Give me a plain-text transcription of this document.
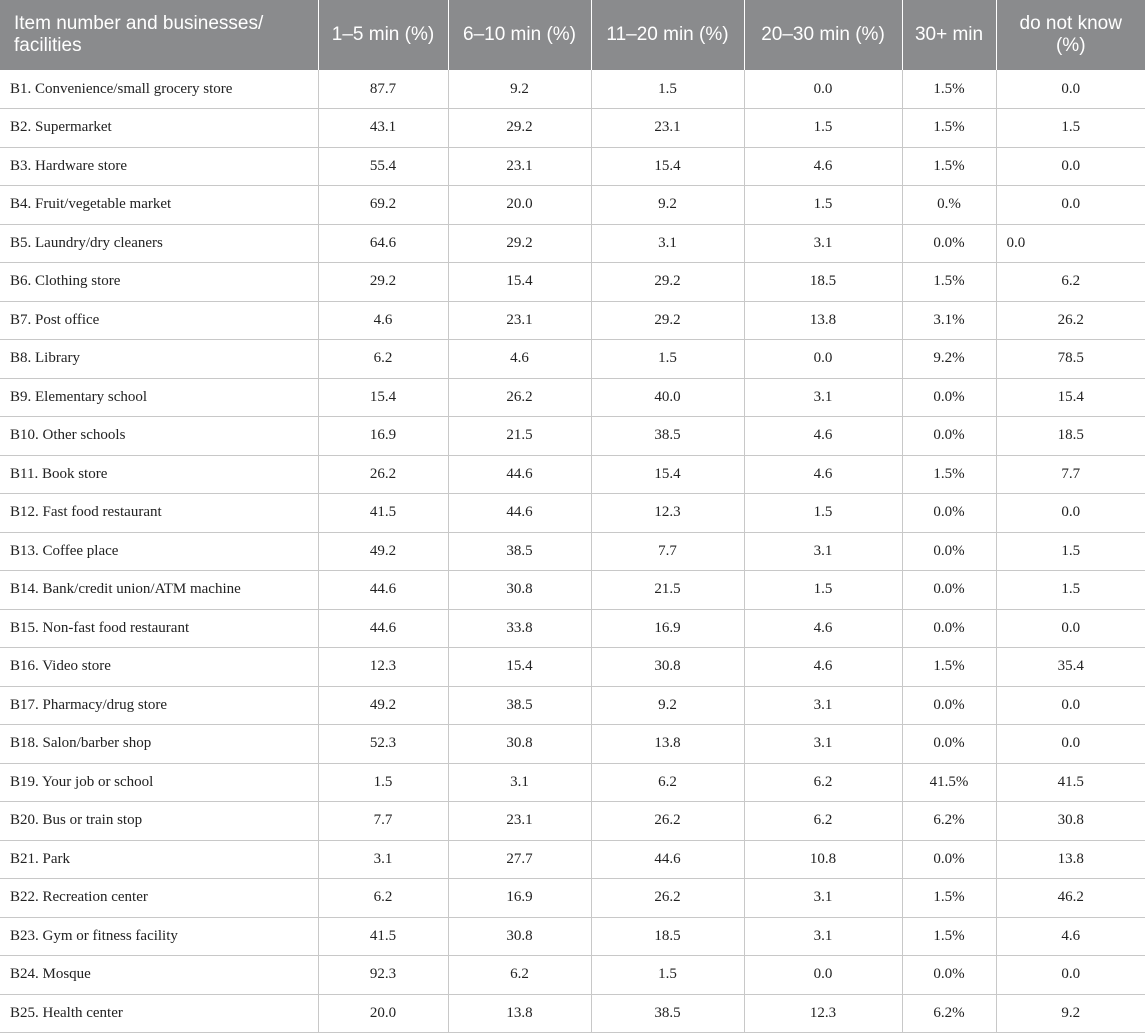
Item number and businesses/ facilities	1–5 min (%)	6–10 min (%)	11–20 min (%)	20–30 min (%)	30+ min	do not know (%)
B1. Convenience/small grocery store	87.7	9.2	1.5	0.0	1.5%	0.0
B2. Supermarket	43.1	29.2	23.1	1.5	1.5%	1.5
B3. Hardware store	55.4	23.1	15.4	4.6	1.5%	0.0
B4. Fruit/vegetable market	69.2	20.0	9.2	1.5	0.%	0.0
B5. Laundry/dry cleaners	64.6	29.2	3.1	3.1	0.0%	0.0
B6. Clothing store	29.2	15.4	29.2	18.5	1.5%	6.2
B7. Post office	4.6	23.1	29.2	13.8	3.1%	26.2
B8. Library	6.2	4.6	1.5	0.0	9.2%	78.5
B9. Elementary school	15.4	26.2	40.0	3.1	0.0%	15.4
B10. Other schools	16.9	21.5	38.5	4.6	0.0%	18.5
B11. Book store	26.2	44.6	15.4	4.6	1.5%	7.7
B12. Fast food restaurant	41.5	44.6	12.3	1.5	0.0%	0.0
B13. Coffee place	49.2	38.5	7.7	3.1	0.0%	1.5
B14. Bank/credit union/ATM machine	44.6	30.8	21.5	1.5	0.0%	1.5
B15. Non-fast food restaurant	44.6	33.8	16.9	4.6	0.0%	0.0
B16. Video store	12.3	15.4	30.8	4.6	1.5%	35.4
B17. Pharmacy/drug store	49.2	38.5	9.2	3.1	0.0%	0.0
B18. Salon/barber shop	52.3	30.8	13.8	3.1	0.0%	0.0
B19. Your job or school	1.5	3.1	6.2	6.2	41.5%	41.5
B20. Bus or train stop	7.7	23.1	26.2	6.2	6.2%	30.8
B21. Park	3.1	27.7	44.6	10.8	0.0%	13.8
B22. Recreation center	6.2	16.9	26.2	3.1	1.5%	46.2
B23. Gym or fitness facility	41.5	30.8	18.5	3.1	1.5%	4.6
B24. Mosque	92.3	6.2	1.5	0.0	0.0%	0.0
B25. Health center	20.0	13.8	38.5	12.3	6.2%	9.2
